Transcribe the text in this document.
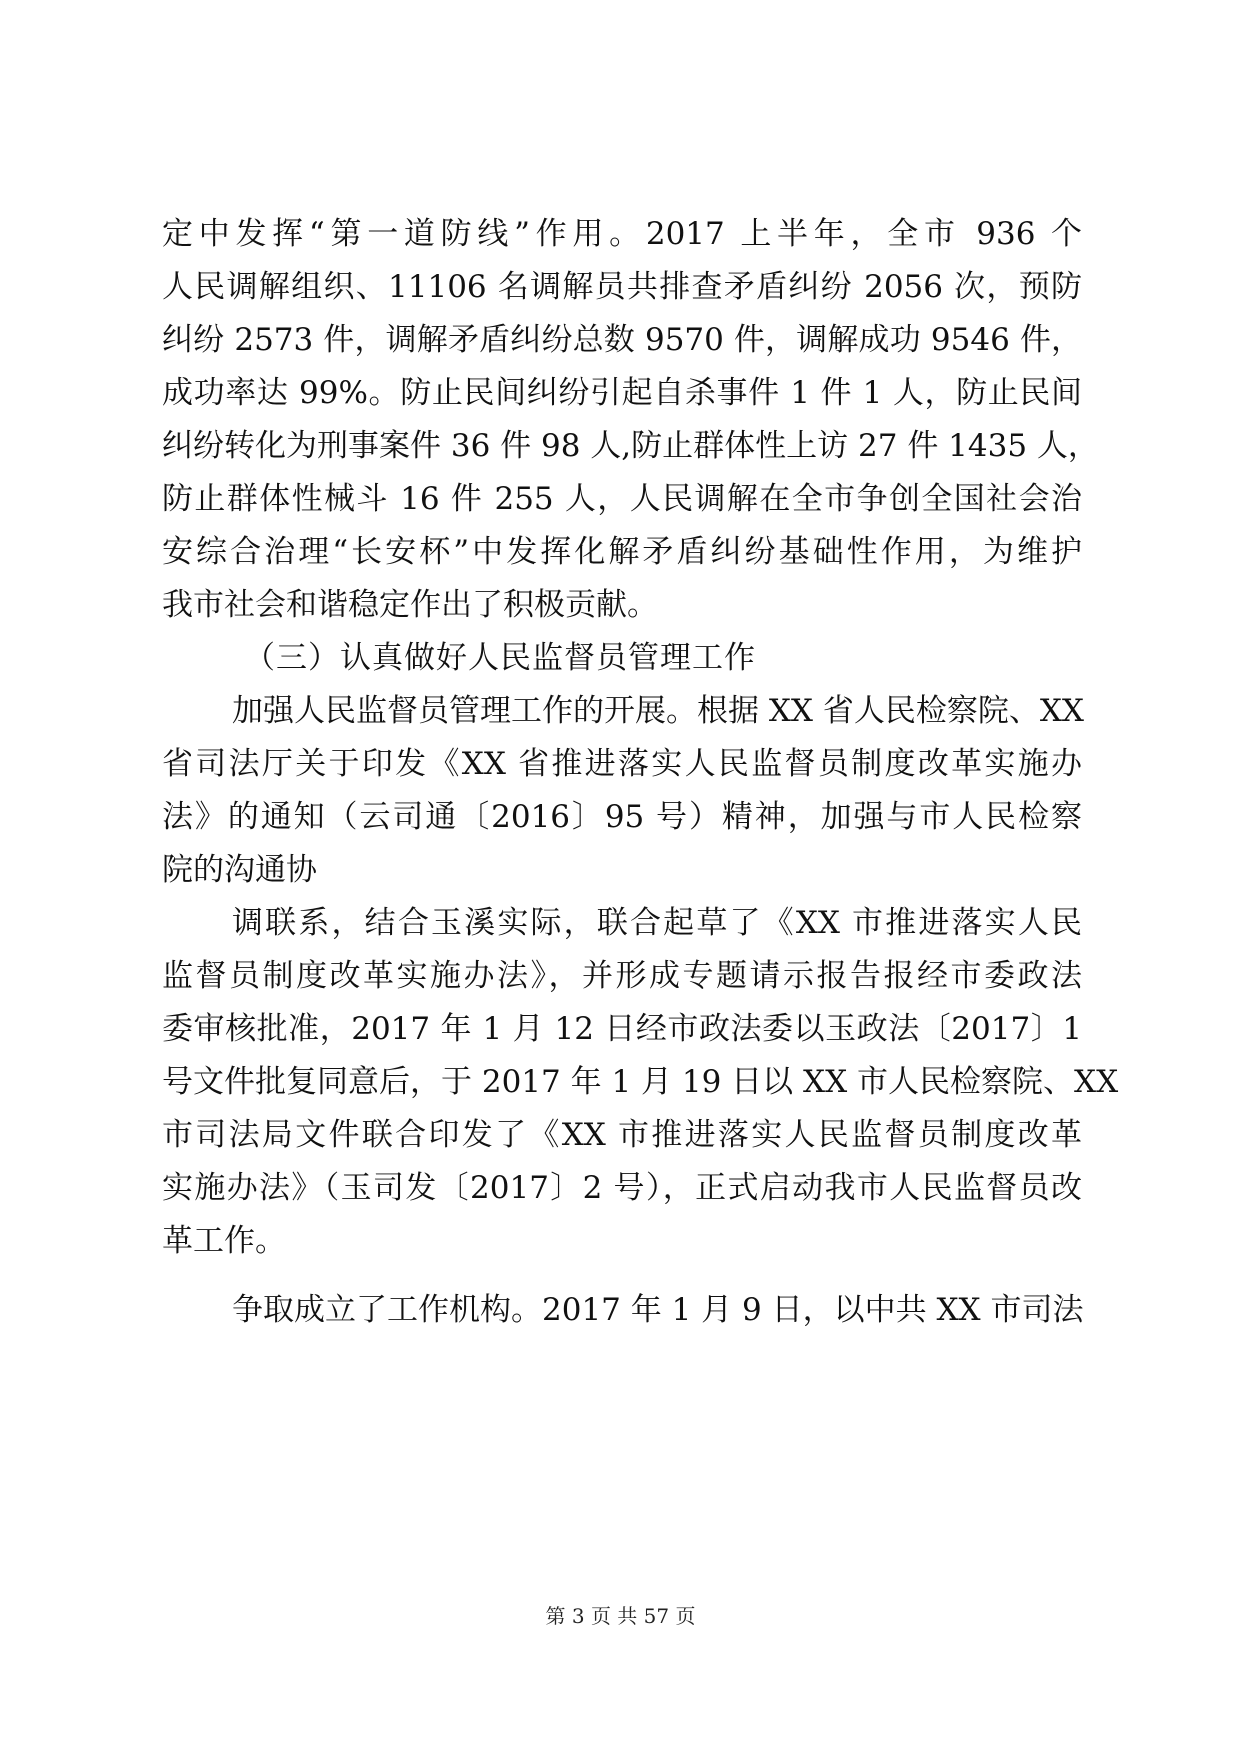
定中发挥“第一道防线”作用。2017 上半年，全市 936 个
人民调解组织、11106 名调解员共排查矛盾纠纷 2056 次，预防
纠纷 2573 件，调解矛盾纠纷总数 9570 件，调解成功 9546 件，
成功率达 99%。防止民间纠纷引起自杀事件 1 件 1 人，防止民间
纠纷转化为刑事案件 36 件 98 人,防止群体性上访 27 件 1435 人，
防止群体性械斗 16 件 255 人，人民调解在全市争创全国社会治
安综合治理“长安杯”中发挥化解矛盾纠纷基础性作用，为维护
我市社会和谐稳定作出了积极贡献。
（三）认真做好人民监督员管理工作
加强人民监督员管理工作的开展。根据 XX 省人民检察院、XX
省司法厅关于印发《XX 省推进落实人民监督员制度改革实施办
法》的通知（云司通〔2016〕95 号）精神，加强与市人民检察
院的沟通协
调联系，结合玉溪实际，联合起草了《XX 市推进落实人民
监督员制度改革实施办法》，并形成专题请示报告报经市委政法
委审核批准，2017 年 1 月 12 日经市政法委以玉政法〔2017〕1
号文件批复同意后，于 2017 年 1 月 19 日以 XX 市人民检察院、XX
市司法局文件联合印发了《XX 市推进落实人民监督员制度改革
实施办法》（玉司发〔2017〕2 号），正式启动我市人民监督员改
革工作。
争取成立了工作机构。2017 年 1 月 9 日，以中共 XX 市司法
第 3 页 共 57 页
